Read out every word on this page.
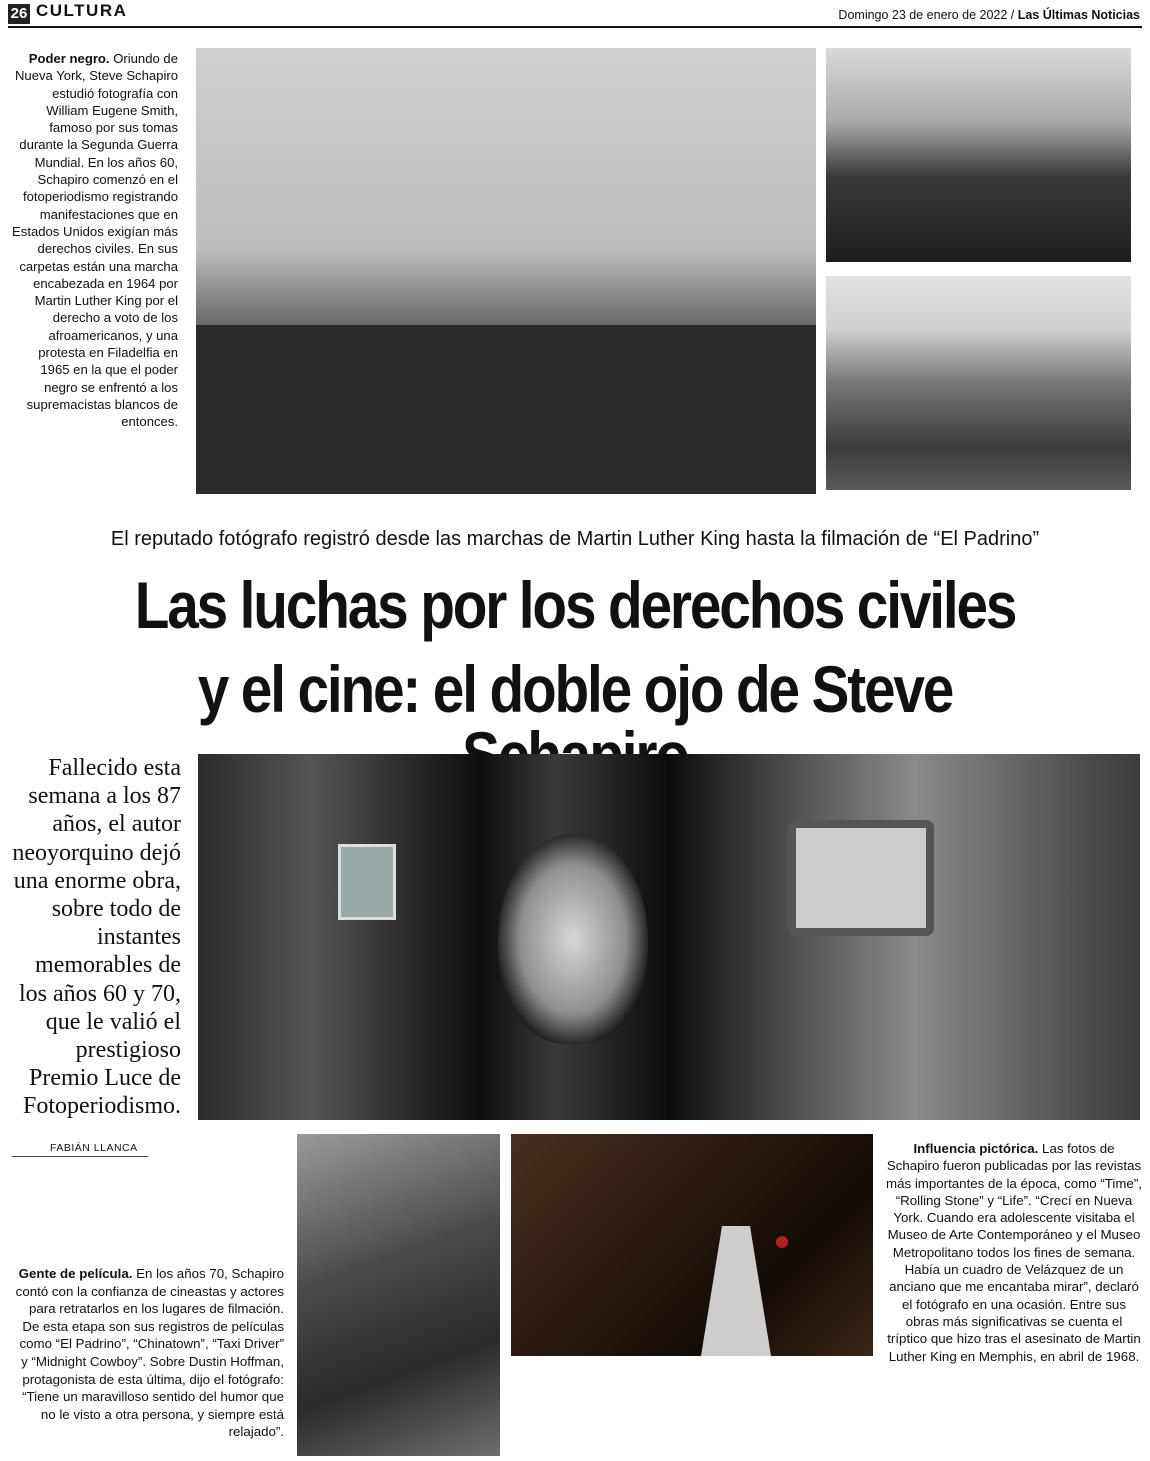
26 CULTURA	Domingo 23 de enero de 2022 / Las Últimas Noticias
Poder negro. Oriundo de Nueva York, Steve Schapiro estudió fotografía con William Eugene Smith, famoso por sus tomas durante la Segunda Guerra Mundial. En los años 60, Schapiro comenzó en el fotoperiodismo registrando manifestaciones que en Estados Unidos exigían más derechos civiles. En sus carpetas están una marcha encabezada en 1964 por Martin Luther King por el derecho a voto de los afroamericanos, y una protesta en Filadelfia en 1965 en la que el poder negro se enfrentó a los supremacistas blancos de entonces.
El reputado fotógrafo registró desde las marchas de Martin Luther King hasta la filmación de “El Padrino”
Las luchas por los derechos civiles
y el cine: el doble ojo de Steve
Fallecido esta semana a los 87 años, el autor neoyorquino dejó una enorme obra, sobre todo de instantes memorables de los años 60 y 70, que le valió el prestigioso Premio Luce de Fotoperiodismo.
FABIÁN LLANCA
Gente de película. En los años 70, Schapiro contó con la confianza de cineastas y actores para retratarlos en los lugares de filmación. De esta etapa son sus registros de películas como “El Padrino”, “Chinatown”, “Taxi Driver” y “Midnight Cowboy”. Sobre Dustin Hoffman, protagonista de esta última, dijo el fotógrafo: “Tiene un maravilloso sentido del humor que no le visto a otra persona, y siempre está relajado”.
Influencia pictórica. Las fotos de Schapiro fueron publicadas por las revistas más importantes de la época, como “Time”, “Rolling Stone” y “Life”. “Crecí en Nueva York. Cuando era adolescente visitaba el Museo de Arte Contemporáneo y el Museo Metropolitano todos los fines de semana. Había un cuadro de Velázquez de un anciano que me encantaba mirar”, declaró el fotógrafo en una ocasión. Entre sus obras más significativas se cuenta el tríptico que hizo tras el asesinato de Martin Luther King en Memphis, en abril de 1968.
